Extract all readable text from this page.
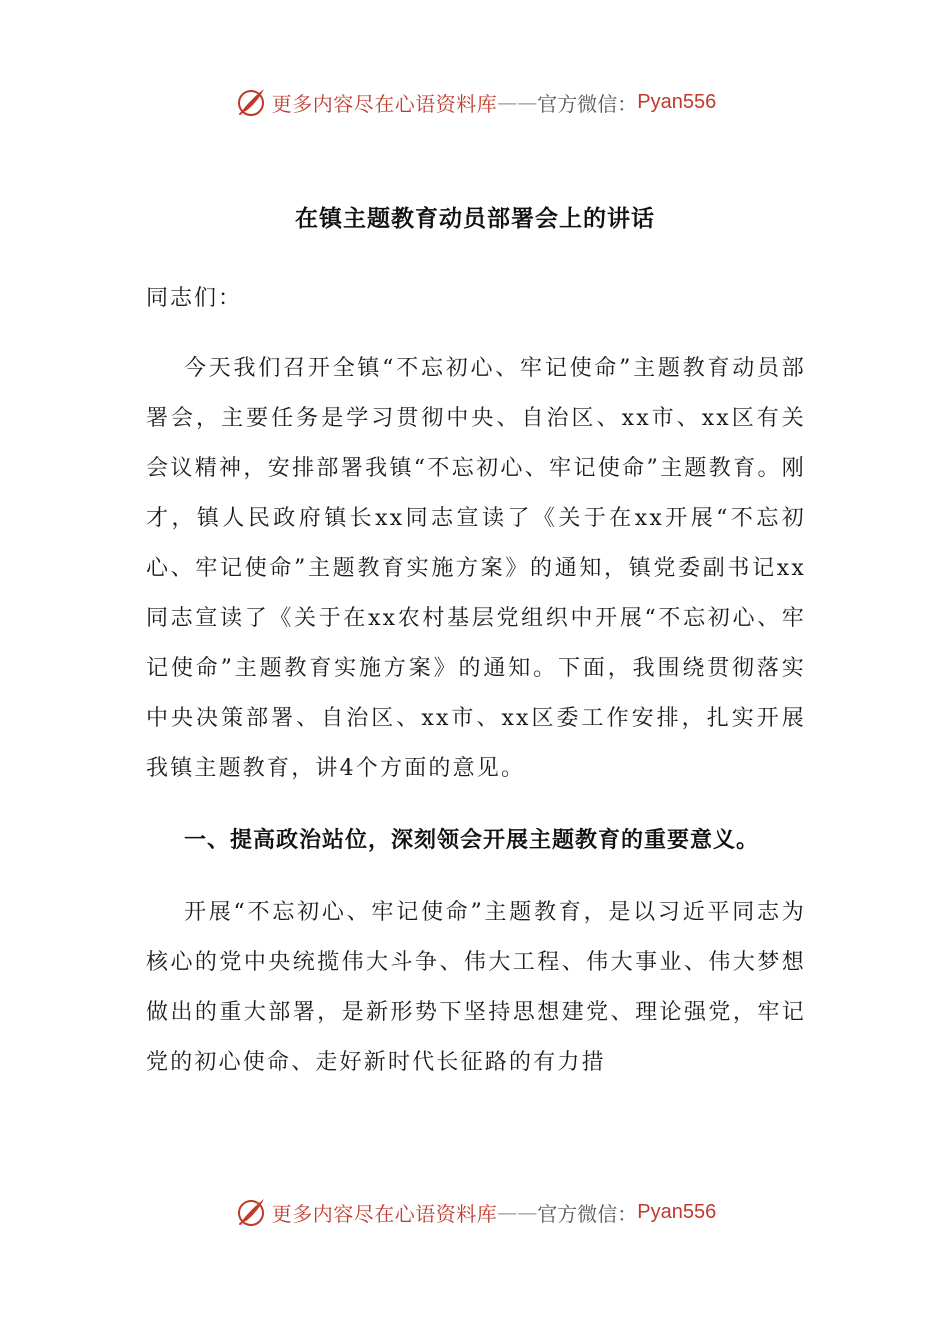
更多内容尽在心语资料库 —— 官方微信： Pyan556
在镇主题教育动员部署会上的讲话

同志们：

今天我们召开全镇“不忘初心、牢记使命”主题教育动员部署会，主要任务是学习贯彻中央、自治区、xx市、xx区有关会议精神，安排部署我镇“不忘初心、牢记使命”主题教育。刚才，镇人民政府镇长xx同志宣读了《关于在xx开展“不忘初心、牢记使命”主题教育实施方案》的通知，镇党委副书记xx同志宣读了《关于在xx农村基层党组织中开展“不忘初心、牢记使命”主题教育实施方案》的通知。下面，我围绕贯彻落实中央决策部署、自治区、xx市、xx区委工作安排，扎实开展我镇主题教育，讲4个方面的意见。

一、提高政治站位，深刻领会开展主题教育的重要意义。

开展“不忘初心、牢记使命”主题教育，是以习近平同志为核心的党中央统揽伟大斗争、伟大工程、伟大事业、伟大梦想做出的重大部署，是新形势下坚持思想建党、理论强党，牢记党的初心使命、走好新时代长征路的有力措

更多内容尽在心语资料库 —— 官方微信： Pyan556
